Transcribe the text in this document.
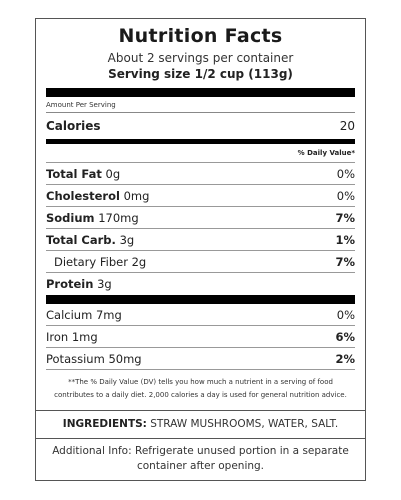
Nutrition Facts
About 2 servings per container
Serving size 1/2 cup (113g)
Amount Per Serving
Calories	20
% Daily Value*
Total Fat 0g	0%
Cholesterol 0mg	0%
Sodium 170mg	7%
Total Carb. 3g	1%
Dietary Fiber 2g	7%
Protein 3g
Calcium 7mg	0%
Iron 1mg	6%
Potassium 50mg	2%
**The % Daily Value (DV) tells you how much a nutrient in a serving of food
contributes to a daily diet. 2,000 calories a day is used for general nutrition advice.
INGREDIENTS: STRAW MUSHROOMS, WATER, SALT.
Additional Info: Refrigerate unused portion in a separate container after opening.
